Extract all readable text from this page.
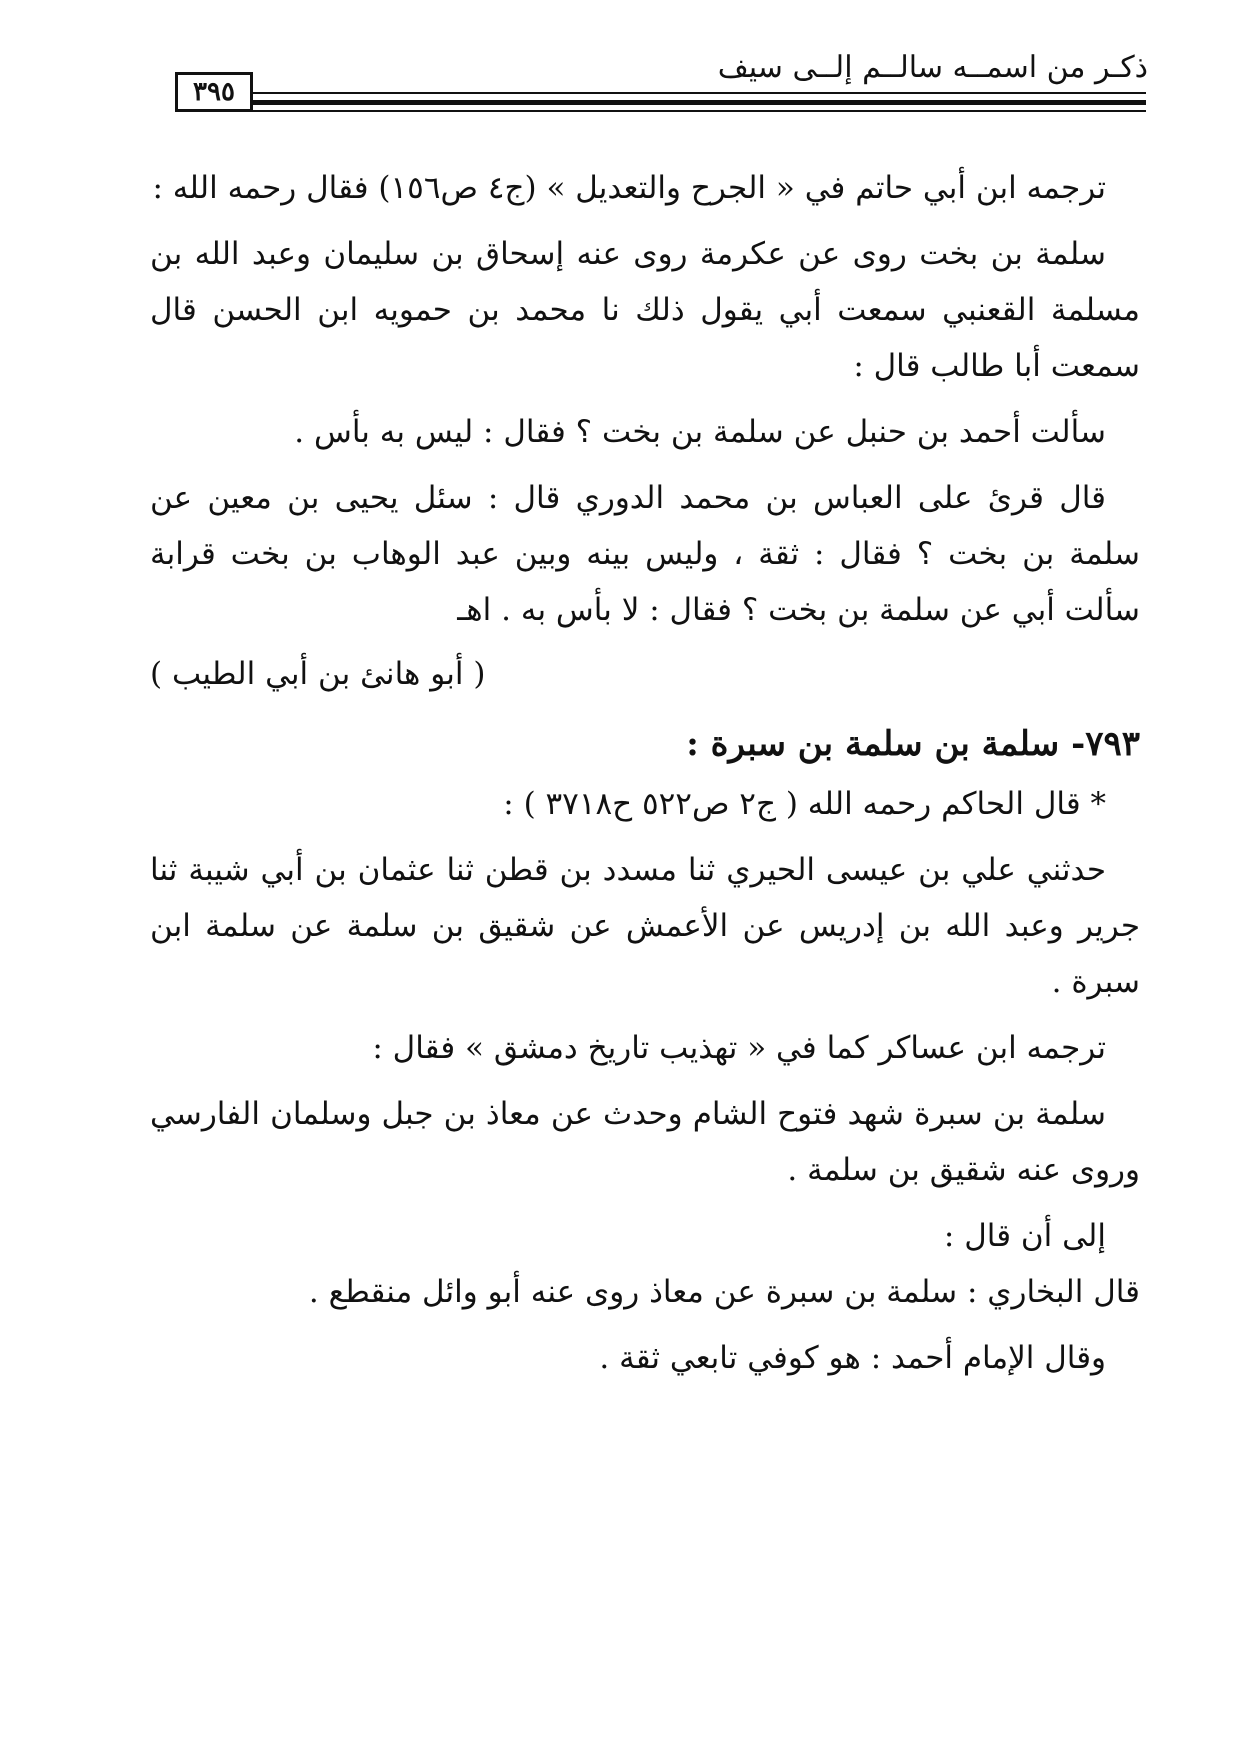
ذكـر من اسمــه سالــم إلــى سيف
٣٩٥

ترجمه ابن أبي حاتم في « الجرح والتعديل » (ج٤ ص١٥٦) فقال رحمه الله :

سلمة بن بخت روى عن عكرمة روى عنه إسحاق بن سليمان وعبد الله بن مسلمة القعنبي سمعت أبي يقول ذلك نا محمد بن حمويه ابن الحسن قال سمعت أبا طالب قال :

سألت أحمد بن حنبل عن سلمة بن بخت ؟ فقال : ليس به بأس .

قال قرئ على العباس بن محمد الدوري قال : سئل يحيى بن معين عن سلمة بن بخت ؟ فقال : ثقة ، وليس بينه وبين عبد الوهاب بن بخت قرابة سألت أبي عن سلمة بن بخت ؟ فقال : لا بأس به . اهـ

( أبو هانئ بن أبي الطيب )

٧٩٣- سلمة بن سلمة بن سبرة :

* قال الحاكم رحمه الله ( ج٢ ص٥٢٢ ح٣٧١٨ ) :

حدثني علي بن عيسى الحيري ثنا مسدد بن قطن ثنا عثمان بن أبي شيبة ثنا جرير وعبد الله بن إدريس عن الأعمش عن شقيق بن سلمة عن سلمة ابن سبرة .

ترجمه ابن عساكر كما في « تهذيب تاريخ دمشق » فقال :

سلمة بن سبرة شهد فتوح الشام وحدث عن معاذ بن جبل وسلمان الفارسي وروى عنه شقيق بن سلمة .

إلى أن قال :

قال البخاري : سلمة بن سبرة عن معاذ روى عنه أبو وائل منقطع .

وقال الإمام أحمد : هو كوفي تابعي ثقة .
